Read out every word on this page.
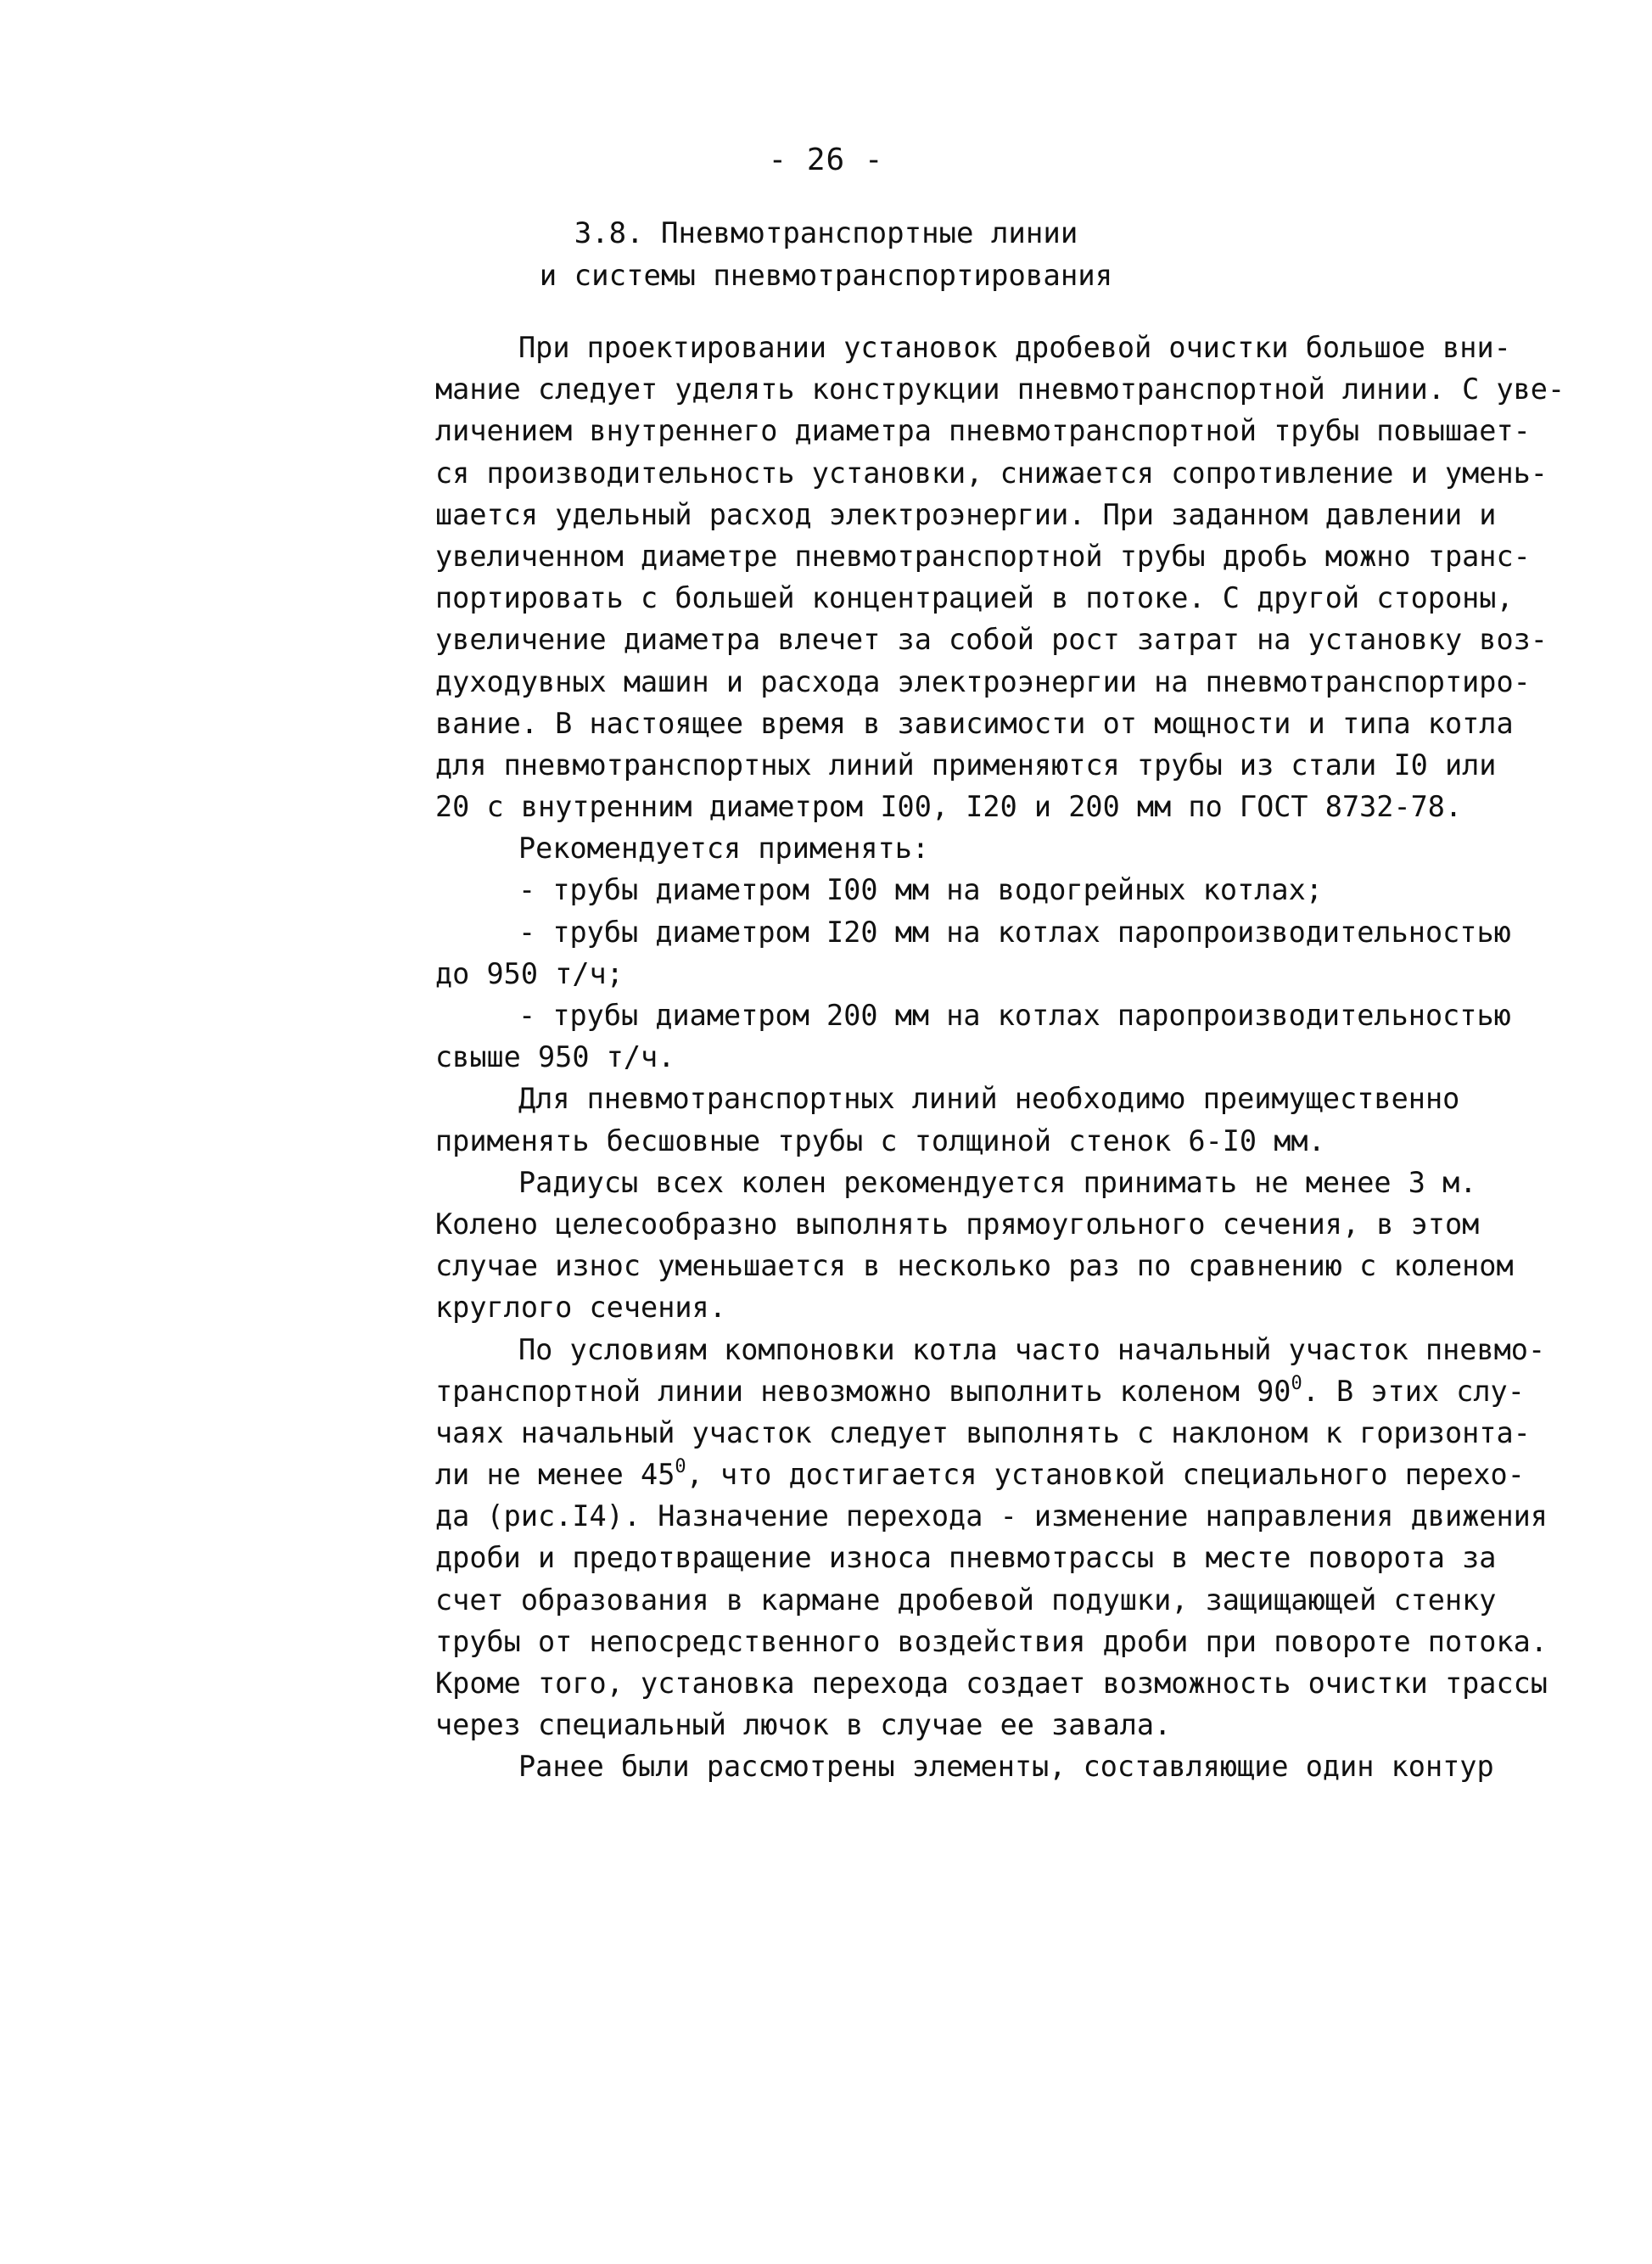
- 26 -
3.8. Пневмотранспортные линии
и системы пневмотранспортирования
При проектировании установок дробевой очистки большое вни-
мание следует уделять конструкции пневмотранспортной линии. С уве-
личением внутреннего диаметра пневмотранспортной трубы повышает-
ся производительность установки, снижается сопротивление и умень-
шается удельный расход электроэнергии. При заданном давлении и
увеличенном диаметре пневмотранспортной трубы дробь можно транс-
портировать с большей концентрацией в потоке. С другой стороны,
увеличение диаметра влечет за собой рост затрат на установку воз-
духодувных машин и расхода электроэнергии на пневмотранспортиро-
вание. В настоящее время в зависимости от мощности и типа котла
для пневмотранспортных линий применяются трубы из стали I0 или
20 с внутренним диаметром I00, I20 и 200 мм по ГОСТ 8732-78.
Рекомендуется применять:
- трубы диаметром I00 мм на водогрейных котлах;
- трубы диаметром I20 мм на котлах паропроизводительностью
до 950 т/ч;
- трубы диаметром 200 мм на котлах паропроизводительностью
свыше 950 т/ч.
Для пневмотранспортных линий необходимо преимущественно
применять бесшовные трубы с толщиной стенок 6-I0 мм.
Радиусы всех колен рекомендуется принимать не менее 3 м.
Колено целесообразно выполнять прямоугольного сечения, в этом
случае износ уменьшается в несколько раз по сравнению с коленом
круглого сечения.
По условиям компоновки котла часто начальный участок пневмо-
транспортной линии невозможно выполнить коленом $90^0$. В этих слу-
чаях начальный участок следует выполнять с наклоном к горизонта-
ли не менее $45^0$, что достигается установкой специального перехо-
да (рис.I4). Назначение перехода - изменение направления движения
дроби и предотвращение износа пневмотрассы в месте поворота за
счет образования в кармане дробевой подушки, защищающей стенку
трубы от непосредственного воздействия дроби при повороте потока.
Кроме того, установка перехода создает возможность очистки трассы
через специальный лючок в случае ее завала.
Ранее были рассмотрены элементы, составляющие один контур
